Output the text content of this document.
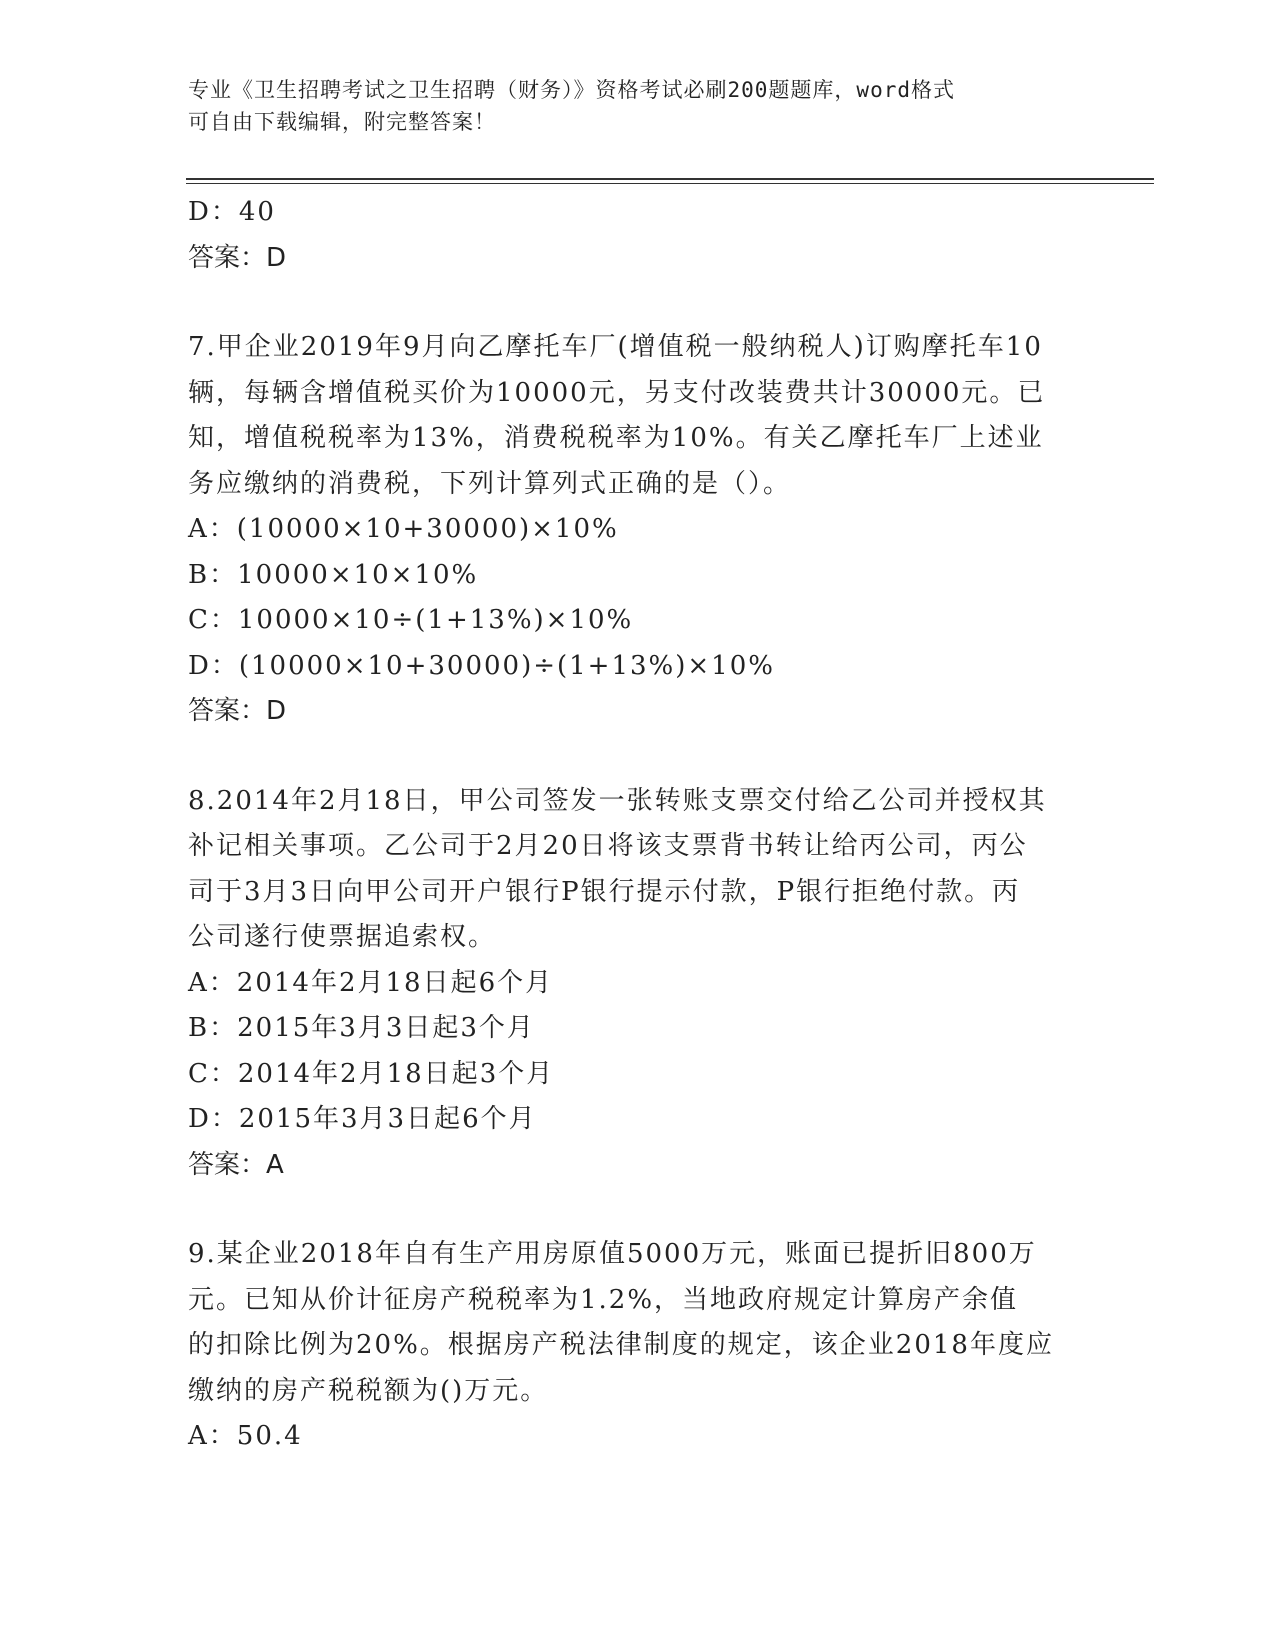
专业《卫生招聘考试之卫生招聘（财务）》资格考试必刷200题题库，word格式
可自由下载编辑，附完整答案！
D：40
答案：D
7.甲企业2019年9月向乙摩托车厂(增值税一般纳税人)订购摩托车10
辆，每辆含增值税买价为10000元，另支付改装费共计30000元。已
知，增值税税率为13%，消费税税率为10%。有关乙摩托车厂上述业
务应缴纳的消费税，下列计算列式正确的是（）。
A：(10000×10+30000)×10%
B：10000×10×10%
C：10000×10÷(1+13%)×10%
D：(10000×10+30000)÷(1+13%)×10%
答案：D
8.2014年2月18日，甲公司签发一张转账支票交付给乙公司并授权其
补记相关事项。乙公司于2月20日将该支票背书转让给丙公司，丙公
司于3月3日向甲公司开户银行P银行提示付款，P银行拒绝付款。丙
公司遂行使票据追索权。
A：2014年2月18日起6个月
B：2015年3月3日起3个月
C：2014年2月18日起3个月
D：2015年3月3日起6个月
答案：A
9.某企业2018年自有生产用房原值5000万元，账面已提折旧800万
元。已知从价计征房产税税率为1.2%，当地政府规定计算房产余值
的扣除比例为20%。根据房产税法律制度的规定，该企业2018年度应
缴纳的房产税税额为()万元。
A：50.4
